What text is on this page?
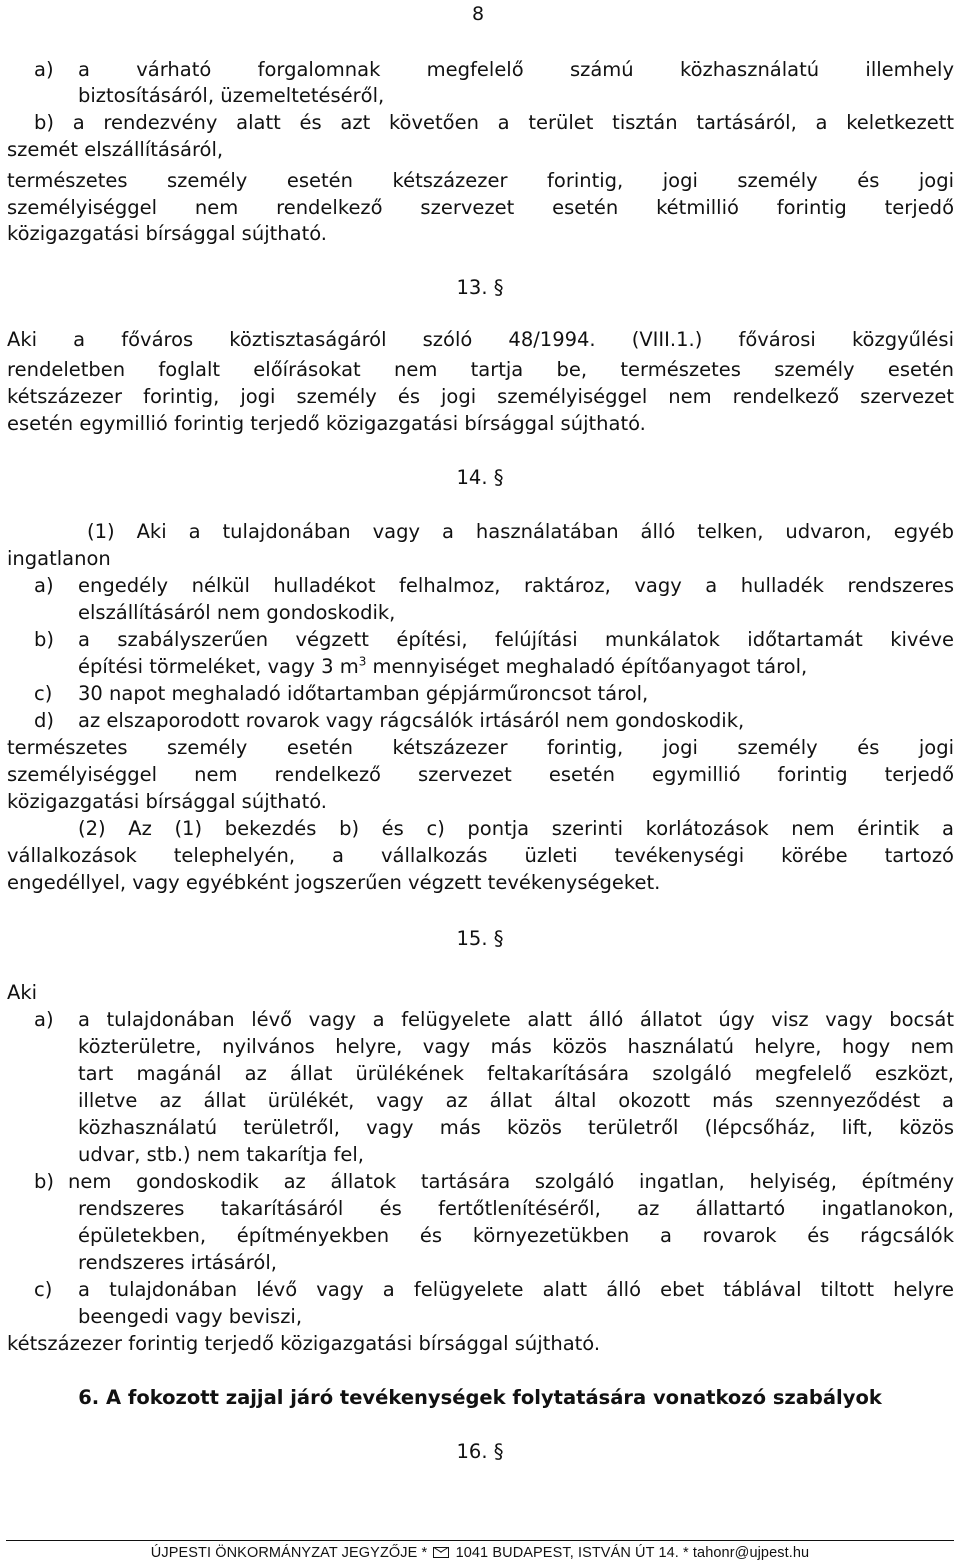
8
a) a várható forgalomnak megfelelő számú közhasználatú illemhely
biztosításáról, üzemeltetéséről,
b) a rendezvény alatt és azt követően a terület tisztán tartásáról, a keletkezett
szemét elszállításáról,
természetes személy esetén kétszázezer forintig, jogi személy és jogi
személyiséggel nem rendelkező szervezet esetén kétmillió forintig terjedő
közigazgatási bírsággal sújtható.
13. §
Aki a főváros köztisztaságáról szóló 48/1994. (VIII.1.) fővárosi közgyűlési
rendeletben foglalt előírásokat nem tartja be, természetes személy esetén
kétszázezer forintig, jogi személy és jogi személyiséggel nem rendelkező szervezet
esetén egymillió forintig terjedő közigazgatási bírsággal sújtható.
14. §
(1) Aki a tulajdonában vagy a használatában álló telken, udvaron, egyéb
ingatlanon
a) engedély nélkül hulladékot felhalmoz, raktároz, vagy a hulladék rendszeres
elszállításáról nem gondoskodik,
b) a szabályszerűen végzett építési, felújítási munkálatok időtartamát kivéve
építési törmeléket, vagy 3 $m^3$ mennyiséget meghaladó építőanyagot tárol,
c) 30 napot meghaladó időtartamban gépjárműroncsot tárol,
d) az elszaporodott rovarok vagy rágcsálók irtásáról nem gondoskodik,
természetes személy esetén kétszázezer forintig, jogi személy és jogi
személyiséggel nem rendelkező szervezet esetén egymillió forintig terjedő
közigazgatási bírsággal sújtható.
(2) Az (1) bekezdés b) és c) pontja szerinti korlátozások nem érintik a
vállalkozások telephelyén, a vállalkozás üzleti tevékenységi körébe tartozó
engedéllyel, vagy egyébként jogszerűen végzett tevékenységeket.
15. §
Aki
a) a tulajdonában lévő vagy a felügyelete alatt álló állatot úgy visz vagy bocsát
közterületre, nyilvános helyre, vagy más közös használatú helyre, hogy nem
tart magánál az állat ürülékének feltakarítására szolgáló megfelelő eszközt,
illetve az állat ürülékét, vagy az állat által okozott más szennyeződést a
közhasználatú területről, vagy más közös területről (lépcsőház, lift, közös
udvar, stb.) nem takarítja fel,
b) nem gondoskodik az állatok tartására szolgáló ingatlan, helyiség, építmény
rendszeres takarításáról és fertőtlenítéséről, az állattartó ingatlanokon,
épületekben, építményekben és környezetükben a rovarok és rágcsálók
rendszeres irtásáról,
c) a tulajdonában lévő vagy a felügyelete alatt álló ebet táblával tiltott helyre
beengedi vagy beviszi,
kétszázezer forintig terjedő közigazgatási bírsággal sújtható.
6. A fokozott zajjal járó tevékenységek folytatására vonatkozó szabályok
16. §
ÚJPESTI ÖNKORMÁNYZAT JEGYZŐJE * 1041 BUDAPEST, ISTVÁN ÚT 14. * tahonr@ujpest.hu
